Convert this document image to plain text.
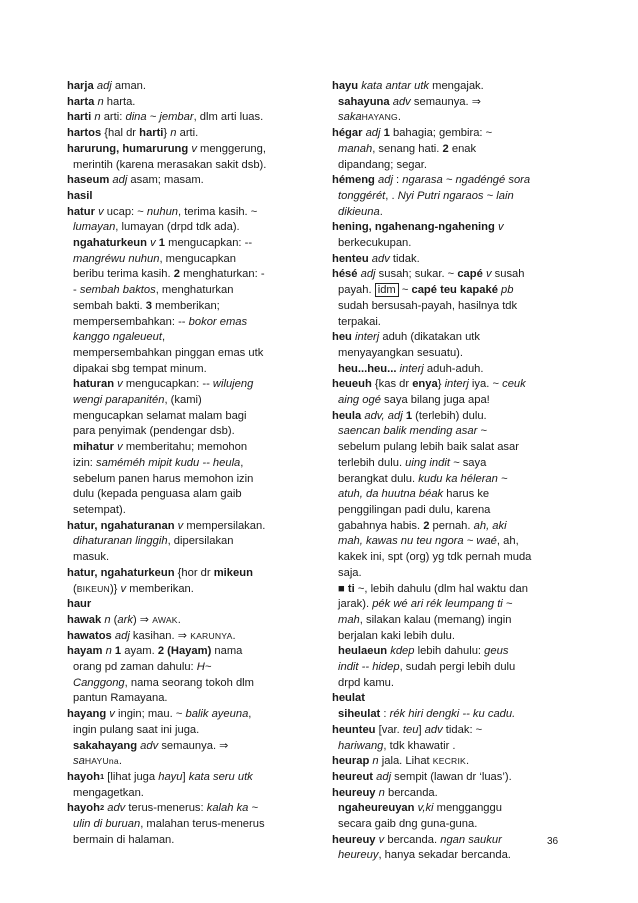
harja adj aman.
harta n harta.
harti n arti: dina ~ jembar, dlm arti luas.
hartos {hal dr harti} n arti.
harurung, humarurung v menggerung,
merintih (karena merasakan sakit dsb).
haseum adj asam; masam.
hasil
hatur v ucap: ~ nuhun, terima kasih. ~
lumayan, lumayan (drpd tdk ada).
ngahaturkeun v 1 mengucapkan: --
mangréwu nuhun, mengucapkan
beribu terima kasih. 2 menghaturkan: -
- sembah baktos, menghaturkan
sembah bakti. 3 memberikan;
mempersembahkan: -- bokor emas
kanggo ngaleueut,
mempersembahkan pinggan emas utk
dipakai sbg tempat minum.
haturan v mengucapkan: -- wilujeng
wengi parapanitén, (kami)
mengucapkan selamat malam bagi
para penyimak (pendengar dsb).
mihatur v memberitahu; memohon
izin: saméméh mipit kudu -- heula,
sebelum panen harus memohon izin
dulu (kepada penguasa alam gaib
setempat).
hatur, ngahaturanan v mempersilakan.
dihaturanan linggih, dipersilakan
masuk.
hatur, ngahaturkeun {hor dr mikeun
(BIKEUN)} v memberikan.
haur
hawak n (ark) ⇒ AWAK.
hawatos adj kasihan. ⇒ KARUNYA.
hayam n 1 ayam. 2 (Hayam) nama
orang pd zaman dahulu: H~
Canggong, nama seorang tokoh dlm
pantun Ramayana.
hayang v ingin; mau. ~ balik ayeuna,
ingin pulang saat ini juga.
sakahayang adv semaunya. ⇒
saHAYUna.
hayoh$^1$ [lihat juga hayu] kata seru utk
mengagetkan.
hayoh$^2$ adv terus-menerus: kalah ka ~
ulin di buruan, malahan terus-menerus
bermain di halaman.
hayu kata antar utk mengajak.
sahayuna adv semaunya. ⇒
sakaHAYANG.
hégar adj 1 bahagia; gembira: ~
manah, senang hati. 2 enak
dipandang; segar.
hémeng adj : ngarasa ~ ngadéngé sora
tonggérét, . Nyi Putri ngaraos ~ lain
dikieuna.
hening, ngahenang-ngahening v
berkecukupan.
henteu adv tidak.
hésé adj susah; sukar. ~ capé v susah
payah. idm ~ capé teu kapaké pb
sudah bersusah-payah, hasilnya tdk
terpakai.
heu interj aduh (dikatakan utk
menyayangkan sesuatu).
heu...heu... interj aduh-aduh.
heueuh {kas dr enya} interj iya. ~ ceuk
aing ogé saya bilang juga apa!
heula adv, adj 1 (terlebih) dulu.
saencan balik mending asar ~
sebelum pulang lebih baik salat asar
terlebih dulu. uing indit ~ saya
berangkat dulu. kudu ka héleran ~
atuh, da huutna béak harus ke
penggilingan padi dulu, karena
gabahnya habis. 2 pernah. ah, aki
mah, kawas nu teu ngora ~ waé, ah,
kakek ini, spt (org) yg tdk pernah muda
saja.
■ ti ~, lebih dahulu (dlm hal waktu dan
jarak). pék wé ari rék leumpang ti ~
mah, silakan kalau (memang) ingin
berjalan kaki lebih dulu.
heulaeun kdep lebih dahulu: geus
indit -- hidep, sudah pergi lebih dulu
drpd kamu.
heulat
siheulat : rék hiri dengki -- ku cadu.
heunteu [var. teu] adv tidak: ~
hariwang, tdk khawatir .
heurap n jala. Lihat KECRIK.
heureut adj sempit (lawan dr ‘luas’).
heureuy n bercanda.
ngaheureuyan v,ki mengganggu
secara gaib dng guna-guna.
heureuy v bercanda. ngan saukur
heureuy, hanya sekadar bercanda.
36
